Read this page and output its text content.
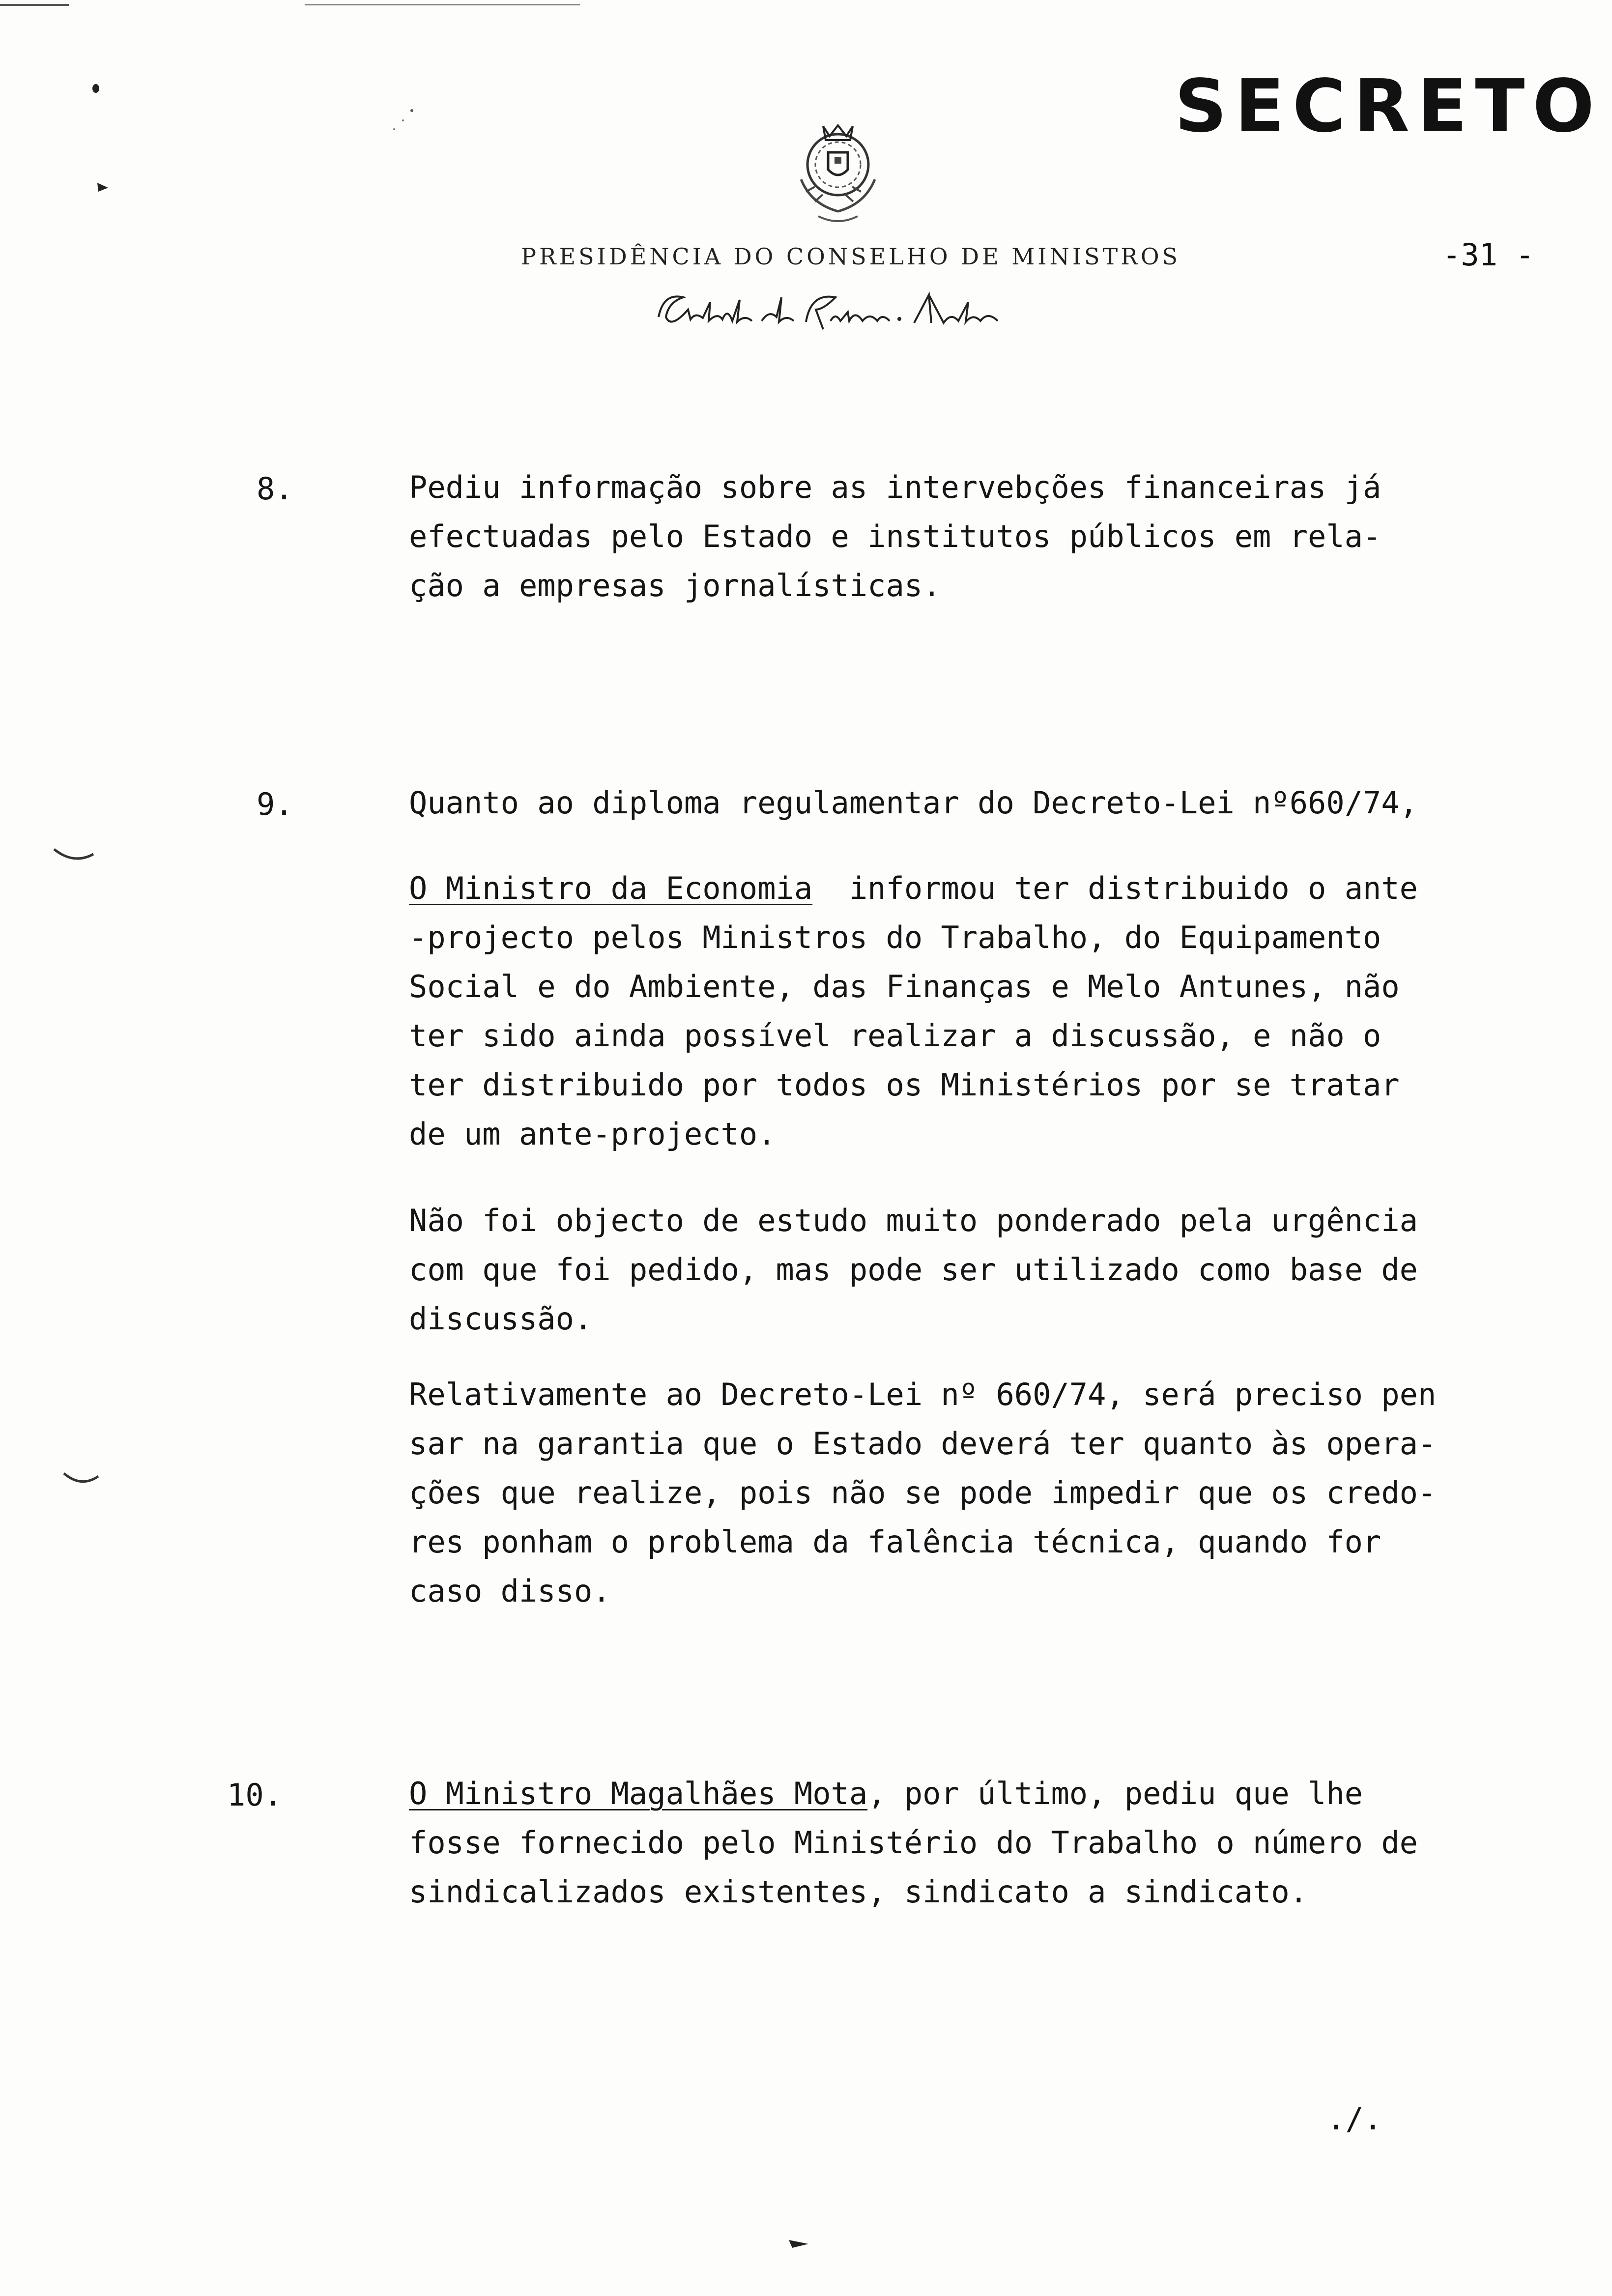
SECRETO
PRESIDÊNCIA DO CONSELHO DE MINISTROS	-31 -
8.	Pediu informação sobre as intervebções financeiras já
efectuadas pelo Estado e institutos públicos em rela-
ção a empresas jornalísticas.
9.	Quanto ao diploma regulamentar do Decreto-Lei nº660/74,
O Ministro da Economia  informou ter distribuido o ante
-projecto pelos Ministros do Trabalho, do Equipamento
Social e do Ambiente, das Finanças e Melo Antunes, não
ter sido ainda possível realizar a discussão, e não o
ter distribuido por todos os Ministérios por se tratar
de um ante-projecto.
Não foi objecto de estudo muito ponderado pela urgência
com que foi pedido, mas pode ser utilizado como base de
discussão.
Relativamente ao Decreto-Lei nº 660/74, será preciso pen
sar na garantia que o Estado deverá ter quanto às opera-
ções que realize, pois não se pode impedir que os credo-
res ponham o problema da falência técnica, quando for
caso disso.
10.	O Ministro Magalhães Mota, por último, pediu que lhe
fosse fornecido pelo Ministério do Trabalho o número de
sindicalizados existentes, sindicato a sindicato.
./.
